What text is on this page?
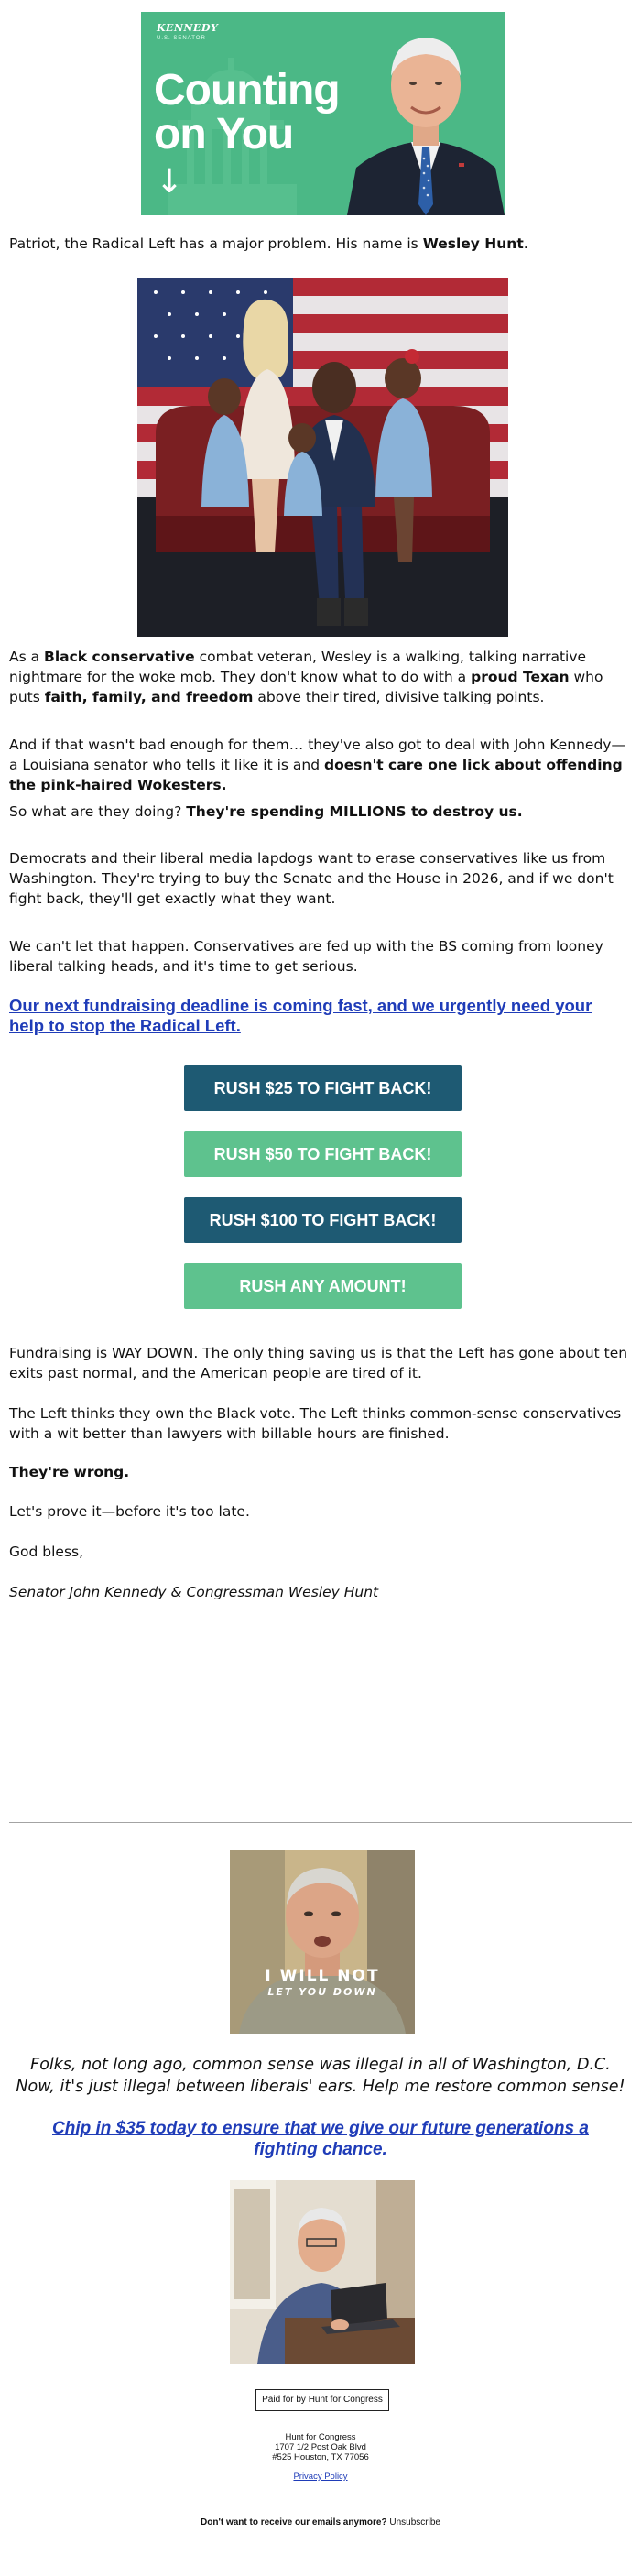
KENNEDY
U.S. SENATOR
Counting
on You
↓
Patriot, the Radical Left has a major problem. His name is Wesley Hunt.
As a Black conservative combat veteran, Wesley is a walking, talking narrative nightmare for the woke mob. They don't know what to do with a proud Texan who puts faith, family, and freedom above their tired, divisive talking points.
And if that wasn't bad enough for them… they've also got to deal with John Kennedy—a Louisiana senator who tells it like it is and doesn't care one lick about offending the pink-haired Wokesters.
So what are they doing? They're spending MILLIONS to destroy us.
Democrats and their liberal media lapdogs want to erase conservatives like us from Washington. They're trying to buy the Senate and the House in 2026, and if we don't fight back, they'll get exactly what they want.
We can't let that happen. Conservatives are fed up with the BS coming from looney liberal talking heads, and it's time to get serious.
Our next fundraising deadline is coming fast, and we urgently need your help to stop the Radical Left.
RUSH $25 TO FIGHT BACK!
RUSH $50 TO FIGHT BACK!
RUSH $100 TO FIGHT BACK!
RUSH ANY AMOUNT!
Fundraising is WAY DOWN. The only thing saving us is that the Left has gone about ten exits past normal, and the American people are tired of it.
The Left thinks they own the Black vote. The Left thinks common-sense conservatives with a wit better than lawyers with billable hours are finished.
They're wrong.
Let's prove it—before it's too late.
God bless,
Senator John Kennedy & Congressman Wesley Hunt
I WILL NOT
LET YOU DOWN
Folks, not long ago, common sense was illegal in all of Washington, D.C. Now, it's just illegal between liberals' ears. Help me restore common sense!
Chip in $35 today to ensure that we give our future generations a fighting chance.
Paid for by Hunt for Congress
Hunt for Congress
1707 1/2 Post Oak Blvd
#525 Houston, TX 77056
Privacy Policy
Don't want to receive our emails anymore? Unsubscribe
